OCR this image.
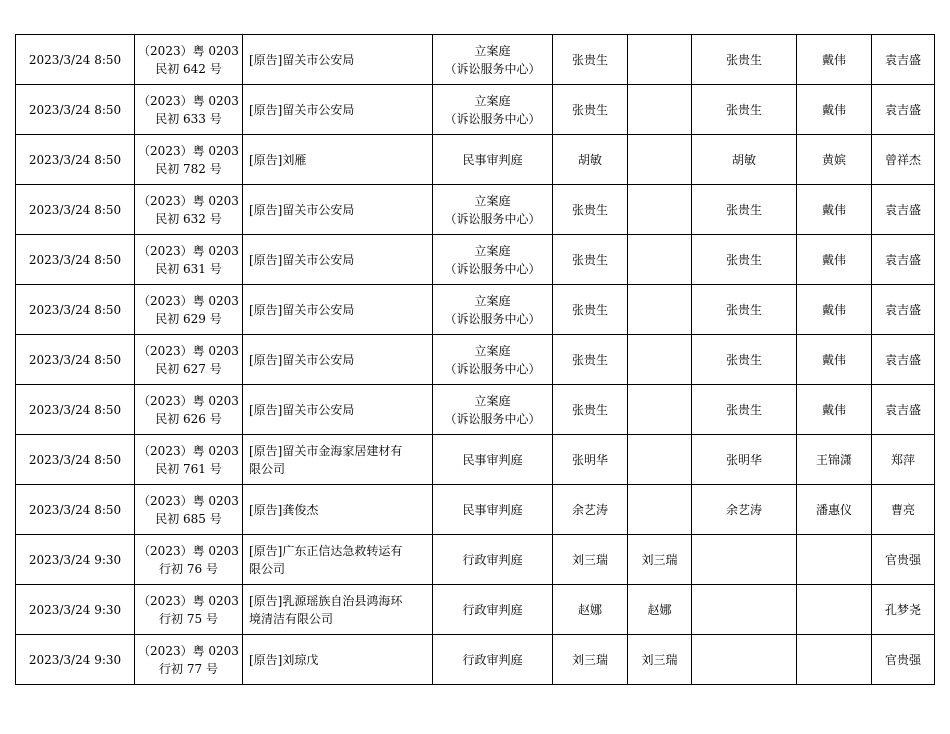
2023/3/24 8:50	（2023）粤 0203
民初 642 号	[原告]留关市公安局	立案庭
（诉讼服务中心）	张贵生		张贵生	戴伟	袁吉盛
2023/3/24 8:50	（2023）粤 0203
民初 633 号	[原告]留关市公安局	立案庭
（诉讼服务中心）	张贵生		张贵生	戴伟	袁吉盛
2023/3/24 8:50	（2023）粤 0203
民初 782 号	[原告]刘雁	民事审判庭	胡敏		胡敏	黄嫔	曾祥杰
2023/3/24 8:50	（2023）粤 0203
民初 632 号	[原告]留关市公安局	立案庭
（诉讼服务中心）	张贵生		张贵生	戴伟	袁吉盛
2023/3/24 8:50	（2023）粤 0203
民初 631 号	[原告]留关市公安局	立案庭
（诉讼服务中心）	张贵生		张贵生	戴伟	袁吉盛
2023/3/24 8:50	（2023）粤 0203
民初 629 号	[原告]留关市公安局	立案庭
（诉讼服务中心）	张贵生		张贵生	戴伟	袁吉盛
2023/3/24 8:50	（2023）粤 0203
民初 627 号	[原告]留关市公安局	立案庭
（诉讼服务中心）	张贵生		张贵生	戴伟	袁吉盛
2023/3/24 8:50	（2023）粤 0203
民初 626 号	[原告]留关市公安局	立案庭
（诉讼服务中心）	张贵生		张贵生	戴伟	袁吉盛
2023/3/24 8:50	（2023）粤 0203
民初 761 号	[原告]留关市金海家居建材有
限公司	民事审判庭	张明华		张明华	王锦潇	郑萍
2023/3/24 8:50	（2023）粤 0203
民初 685 号	[原告]龚俊杰	民事审判庭	余艺涛		余艺涛	潘惠仪	曹亮
2023/3/24 9:30	（2023）粤 0203
行初 76 号	[原告]广东正信达急救转运有
限公司	行政审判庭	刘三瑞	刘三瑞			官贵强
2023/3/24 9:30	（2023）粤 0203
行初 75 号	[原告]乳源瑶族自治县鸿海环
境清洁有限公司	行政审判庭	赵娜	赵娜			孔梦尧
2023/3/24 9:30	（2023）粤 0203
行初 77 号	[原告]刘琼戊	行政审判庭	刘三瑞	刘三瑞			官贵强
